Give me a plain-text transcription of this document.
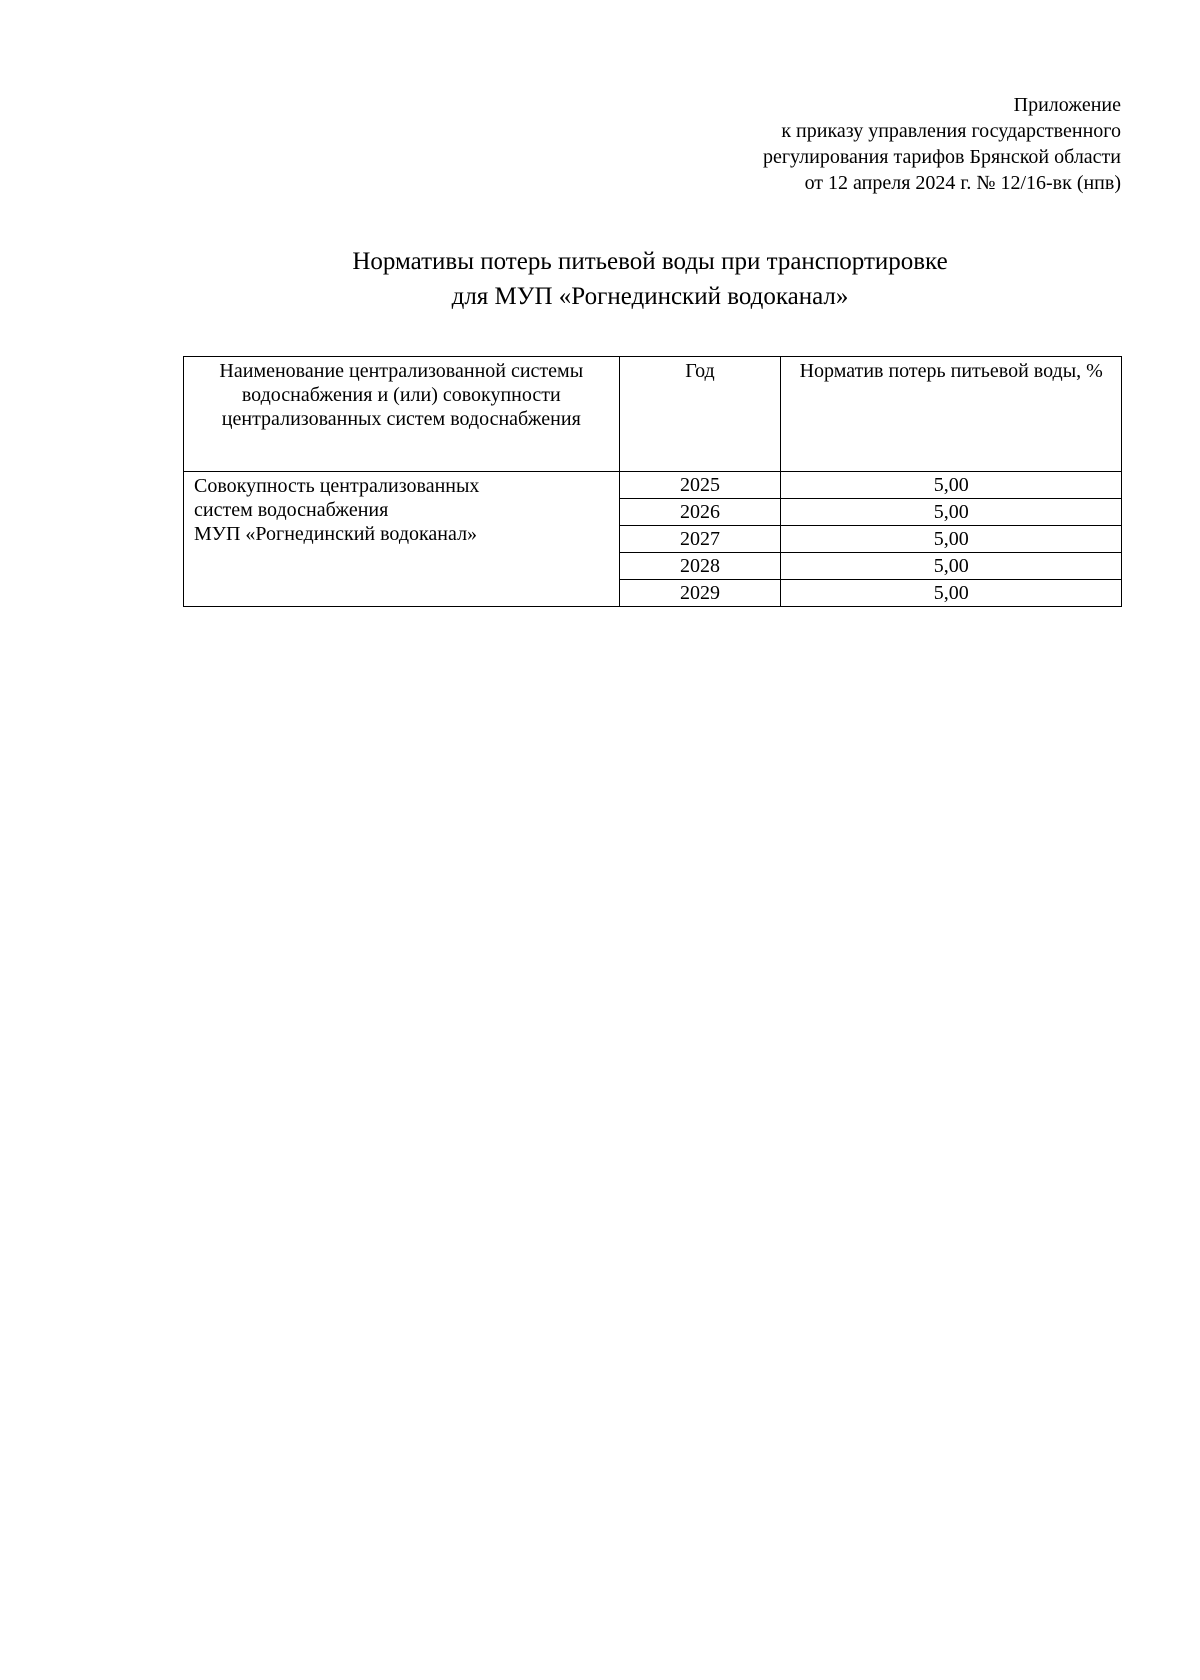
Приложение
к приказу управления государственного
регулирования тарифов Брянской области
от 12 апреля 2024 г. № 12/16-вк (нпв)
Нормативы потерь питьевой воды при транспортировке
для МУП «Рогнединский водоканал»
Наименование централизованной системы водоснабжения и (или) совокупности централизованных систем водоснабжения	Год	Норматив потерь питьевой воды, %

Совокупность централизованных
систем водоснабжения
МУП «Рогнединский водоканал»	2025	5,00
	2026	5,00
	2027	5,00
	2028	5,00
	2029	5,00
